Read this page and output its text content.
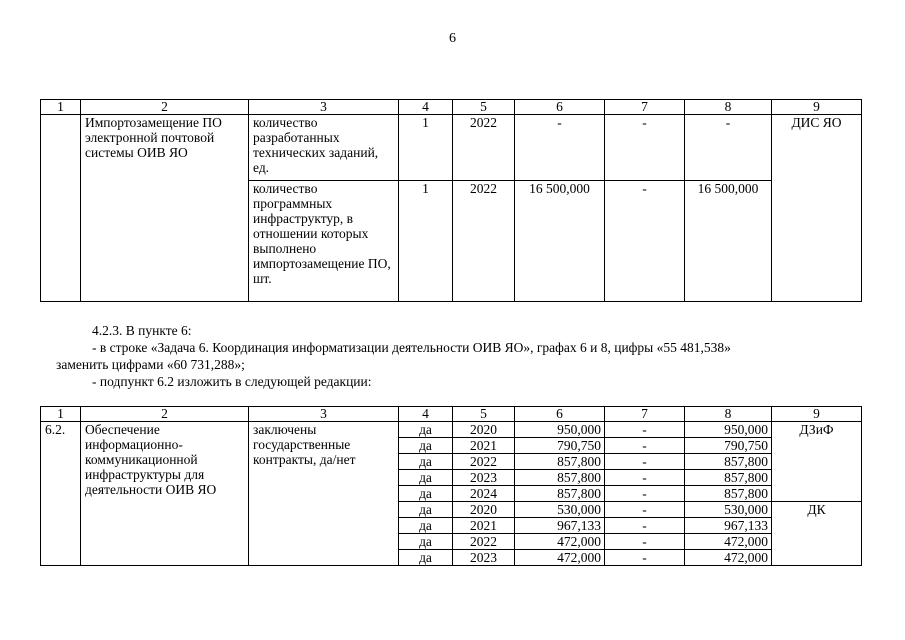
6
1	2	3	4	5	6	7	8	9
	Импортозамещение ПО электронной почтовой системы ОИВ ЯО	количество разработанных технических заданий, ед.	1	2022	-	-	-	ДИС ЯО
		количество программных инфраструктур, в отношении которых выполнено импортозамещение ПО, шт.	1	2022	16 500,000	-	16 500,000	
4.2.3. В пункте 6:
- в строке «Задача 6. Координация информатизации деятельности ОИВ ЯО», графах 6 и 8, цифры «55 481,538»
заменить цифрами «60 731,288»;
- подпункт 6.2 изложить в следующей редакции:
1	2	3	4	5	6	7	8	9
6.2.	Обеспечение информационно-коммуникационной инфраструктуры для деятельности ОИВ ЯО	заключены государственные контракты, да/нет	да	2020	950,000	-	950,000	ДЗиФ
			да	2021	790,750	-	790,750	
			да	2022	857,800	-	857,800	
			да	2023	857,800	-	857,800	
			да	2024	857,800	-	857,800	
			да	2020	530,000	-	530,000	ДК
			да	2021	967,133	-	967,133	
			да	2022	472,000	-	472,000	
			да	2023	472,000	-	472,000	
